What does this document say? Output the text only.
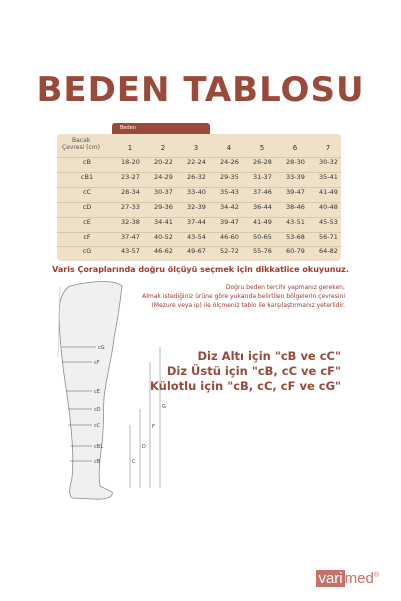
BEDEN TABLOSU
Beden
Bacak
Çevresi (cm)	1	2	3	4	5	6	7
cB	18-20	20-22	22-24	24-26	26-28	28-30	30-32
cB1	23-27	24-29	26-32	29-35	31-37	33-39	35-41
cC	28-34	30-37	33-40	35-43	37-46	39-47	41-49
cD	27-33	29-36	32-39	34-42	36-44	38-46	40-48
cE	32-38	34-41	37-44	39-47	41-49	43-51	45-53
cF	37-47	40-52	43-54	46-60	50-65	53-68	56-71
cG	43-57	46-62	49-67	52-72	55-76	60-79	64-82
Varis Çoraplarında doğru ölçüyü seçmek için dikkatlice okuyunuz.
Doğru beden tercihi yapmanız gereken;
Almak istediğiniz ürüne göre yukarıda belirtilen bölgelerin çevresini
(Mezure veya ip) ile ölçmeniz tablo ile karşılaştırmanız yeterlidir.
cG
cF
cE
cD
cC
cB1
cB
G
F
D
C
Diz Altı için "cB ve cC"
Diz Üstü için "cB, cC ve cF"
Külotlu için "cB, cC, cF ve cG"
vari med®
